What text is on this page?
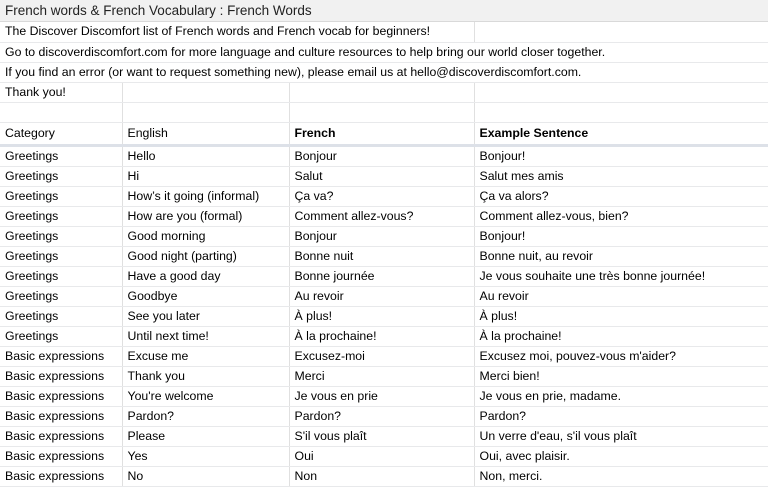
French words & French Vocabulary : French Words
The Discover Discomfort list of French words and French vocab for beginners!			
Go to discoverdiscomfort.com for more language and culture resources to help bring our world closer together.			
If you find an error (or want to request something new), please email us at hello@discoverdiscomfort.com.			
Thank you!			

Category	English	French	Example Sentence
Greetings	Hello	Bonjour	Bonjour!
Greetings	Hi	Salut	Salut mes amis
Greetings	How’s it going (informal)	Ça va?	Ça va alors?
Greetings	How are you (formal)	Comment allez-vous?	Comment allez-vous, bien?
Greetings	Good morning	Bonjour	Bonjour!
Greetings	Good night (parting)	Bonne nuit	Bonne nuit, au revoir
Greetings	Have a good day	Bonne journée	Je vous souhaite une très bonne journée!
Greetings	Goodbye	Au revoir	Au revoir
Greetings	See you later	À plus!	À plus!
Greetings	Until next time!	À la prochaine!	À la prochaine!
Basic expressions	Excuse me	Excusez-moi	Excusez moi, pouvez-vous m'aider?
Basic expressions	Thank you	Merci	Merci bien!
Basic expressions	You're welcome	Je vous en prie	Je vous en prie, madame.
Basic expressions	Pardon?	Pardon?	Pardon?
Basic expressions	Please	S'il vous plaît	Un verre d'eau, s'il vous plaît
Basic expressions	Yes	Oui	Oui, avec plaisir.
Basic expressions	No	Non	Non, merci.
